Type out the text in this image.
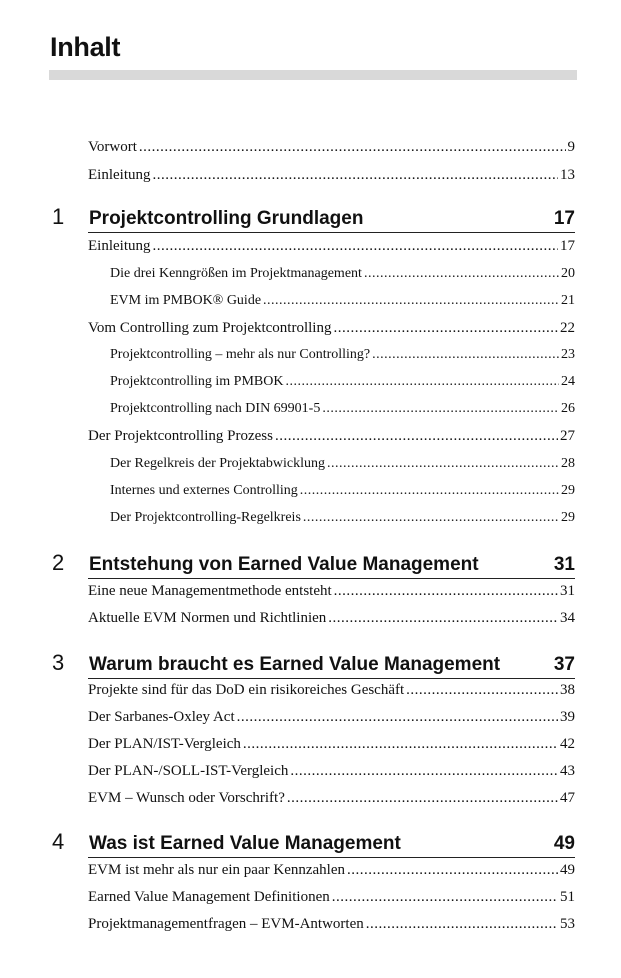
Inhalt
Vorwort .....	9
Einleitung .....	13
1	Projektcontrolling Grundlagen	17
Einleitung .....	17
Die drei Kenngrößen im Projektmanagement .....	20
EVM im PMBOK® Guide .....	21
Vom Controlling zum Projektcontrolling .....	22
Projektcontrolling – mehr als nur Controlling? .....	23
Projektcontrolling im PMBOK .....	24
Projektcontrolling nach DIN 69901-5 .....	26
Der Projektcontrolling Prozess .....	27
Der Regelkreis der Projektabwicklung .....	28
Internes und externes Controlling .....	29
Der Projektcontrolling-Regelkreis .....	29
2	Entstehung von Earned Value Management	31
Eine neue Managementmethode entsteht .....	31
Aktuelle EVM Normen und Richtlinien .....	34
3	Warum braucht es Earned Value Management	37
Projekte sind für das DoD ein risikoreiches Geschäft .....	38
Der Sarbanes-Oxley Act .....	39
Der PLAN/IST-Vergleich .....	42
Der PLAN-/SOLL-IST-Vergleich .....	43
EVM – Wunsch oder Vorschrift? .....	47
4	Was ist Earned Value Management	49
EVM ist mehr als nur ein paar Kennzahlen .....	49
Earned Value Management Definitionen .....	51
Projektmanagementfragen – EVM-Antworten .....	53
